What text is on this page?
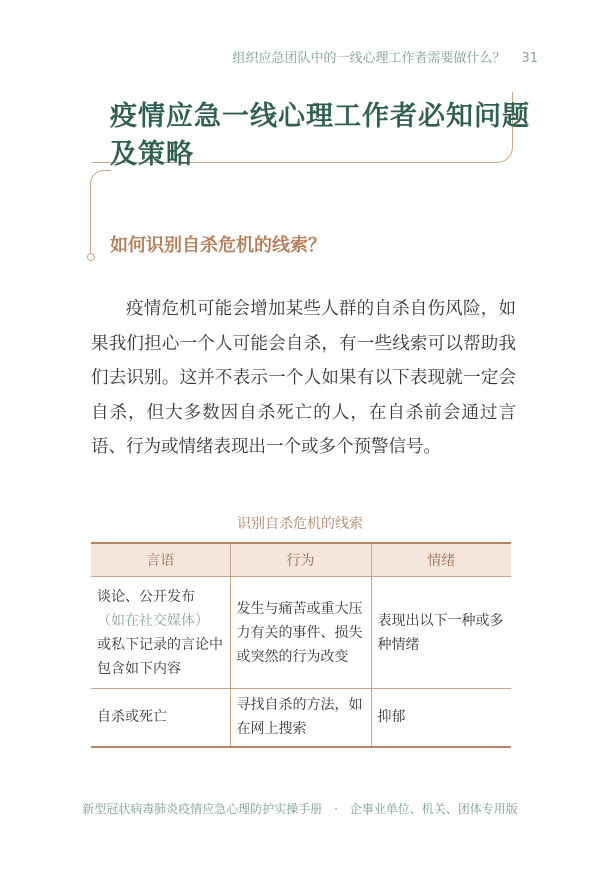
组织应急团队中的一线心理工作者需要做什么？ 31
疫情应急一线心理工作者必知问题及策略
如何识别自杀危机的线索？
疫情危机可能会增加某些人群的自杀自伤风险，如果我们担心一个人可能会自杀，有一些线索可以帮助我们去识别。这并不表示一个人如果有以下表现就一定会自杀，但大多数因自杀死亡的人，在自杀前会通过言语、行为或情绪表现出一个或多个预警信号。
识别自杀危机的线索
言语	行为	情绪
谈论、公开发布
（如在社交媒体）
或私下记录的言论中包含如下内容	发生与痛苦或重大压力有关的事件、损失或突然的行为改变	表现出以下一种或多种情绪
自杀或死亡	寻找自杀的方法，如在网上搜索	抑郁
新型冠状病毒肺炎疫情应急心理防护实操手册 · 企事业单位、机关、团体专用版
